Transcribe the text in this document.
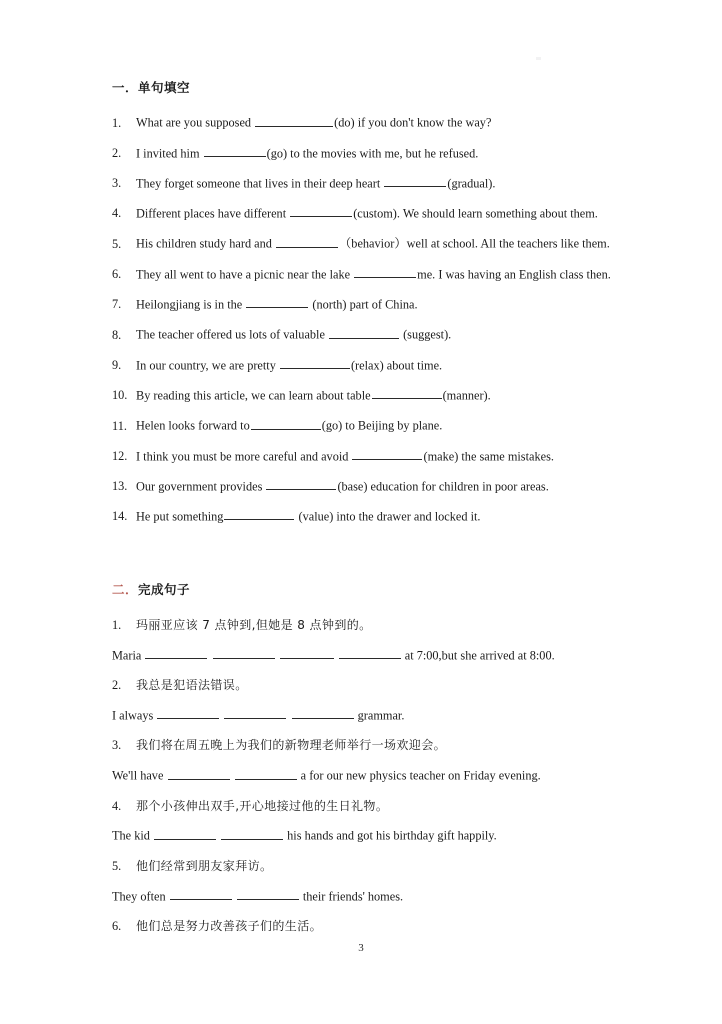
一．单句填空
1.	What are you supposed	(do) if you don't know the way?
2.	I invited him	(go) to the movies with me, but he refused.
3.	They forget someone that lives in their deep heart	(gradual).
4.	Different places have different	(custom). We should learn something about them.
5.	His children study hard and	（behavior）well at school. All the teachers like them.
6.	They all went to have a picnic near the lake	me. I was having an English class then.
7.	Heilongjiang is in the	(north) part of China.
8.	The teacher offered us lots of valuable	(suggest).
9.	In our country, we are pretty	(relax) about time.
10. By reading this article, we can learn about table	(manner).
11. Helen looks forward to	(go) to Beijing by plane.
12. I think you must be more careful and avoid	(make) the same mistakes.
13. Our government provides	(base) education for children in poor areas.
14. He put something	(value) into the drawer and locked it.
二．完成句子
1.	玛丽亚应该 7 点钟到,但她是 8 点钟到的。
Maria	at 7:00,but she arrived at 8:00.
2.	我总是犯语法错误。
I always	grammar.
3.	我们将在周五晚上为我们的新物理老师举行一场欢迎会。
We'll have	a for our new physics teacher on Friday evening.
4.	那个小孩伸出双手,开心地接过他的生日礼物。
The kid	his hands and got his birthday gift happily.
5.	他们经常到朋友家拜访。
They often	their friends' homes.
6.	他们总是努力改善孩子们的生活。
3
